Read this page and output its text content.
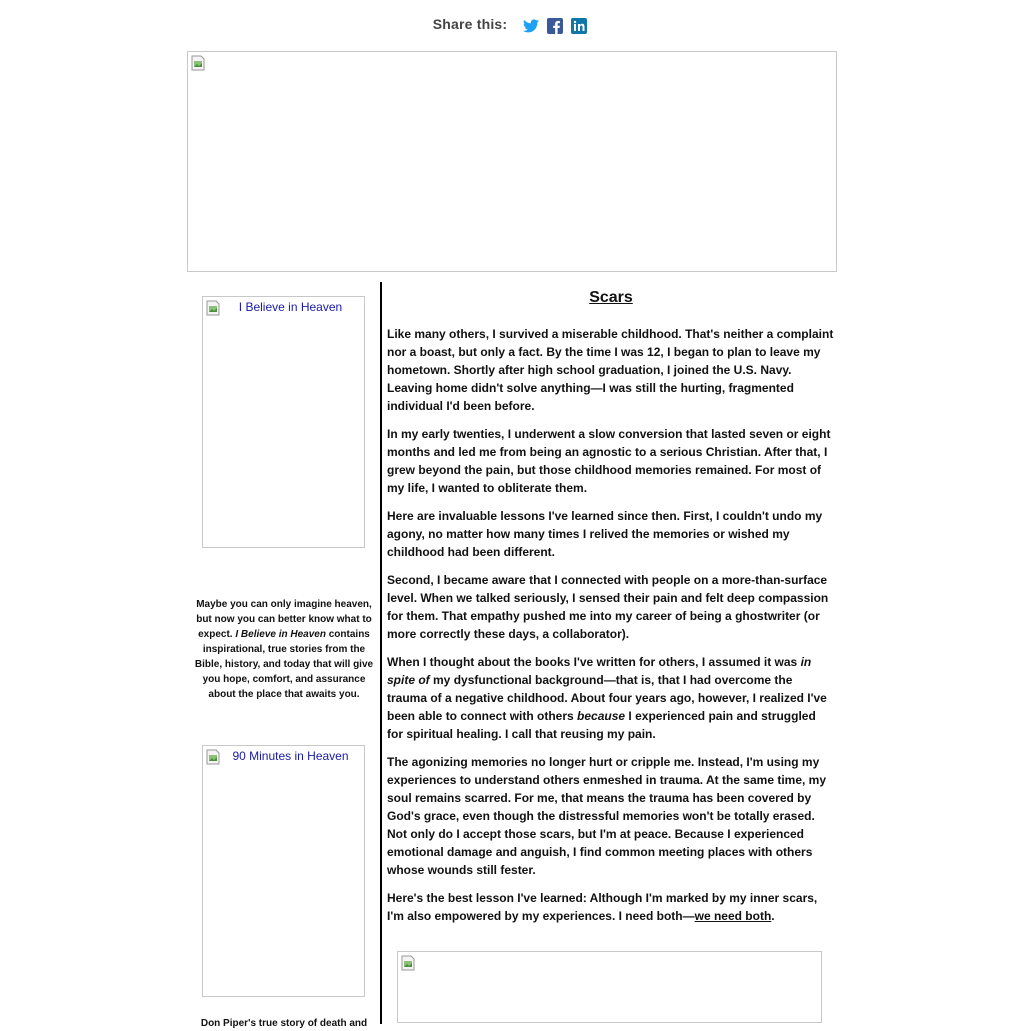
Share this:
I Believe in Heaven
Maybe you can only imagine heaven, but now you can better know what to expect. I Believe in Heaven contains inspirational, true stories from the Bible, history, and today that will give you hope, comfort, and assurance about the place that awaits you.
90 Minutes in Heaven
Don Piper's true story of death and
Scars

Like many others, I survived a miserable childhood. That's neither a complaint nor a boast, but only a fact. By the time I was 12, I began to plan to leave my hometown. Shortly after high school graduation, I joined the U.S. Navy. Leaving home didn't solve anything—I was still the hurting, fragmented individual I'd been before.

In my early twenties, I underwent a slow conversion that lasted seven or eight months and led me from being an agnostic to a serious Christian. After that, I grew beyond the pain, but those childhood memories remained. For most of my life, I wanted to obliterate them.

Here are invaluable lessons I've learned since then. First, I couldn't undo my agony, no matter how many times I relived the memories or wished my childhood had been different.

Second, I became aware that I connected with people on a more-than-surface level. When we talked seriously, I sensed their pain and felt deep compassion for them. That empathy pushed me into my career of being a ghostwriter (or more correctly these days, a collaborator).

When I thought about the books I've written for others, I assumed it was in spite of my dysfunctional background—that is, that I had overcome the trauma of a negative childhood. About four years ago, however, I realized I've been able to connect with others because I experienced pain and struggled for spiritual healing. I call that reusing my pain.

The agonizing memories no longer hurt or cripple me. Instead, I'm using my experiences to understand others enmeshed in trauma. At the same time, my soul remains scarred. For me, that means the trauma has been covered by God's grace, even though the distressful memories won't be totally erased. Not only do I accept those scars, but I'm at peace. Because I experienced emotional damage and anguish, I find common meeting places with others whose wounds still fester.

Here's the best lesson I've learned: Although I'm marked by my inner scars, I'm also empowered by my experiences. I need both—we need both.
